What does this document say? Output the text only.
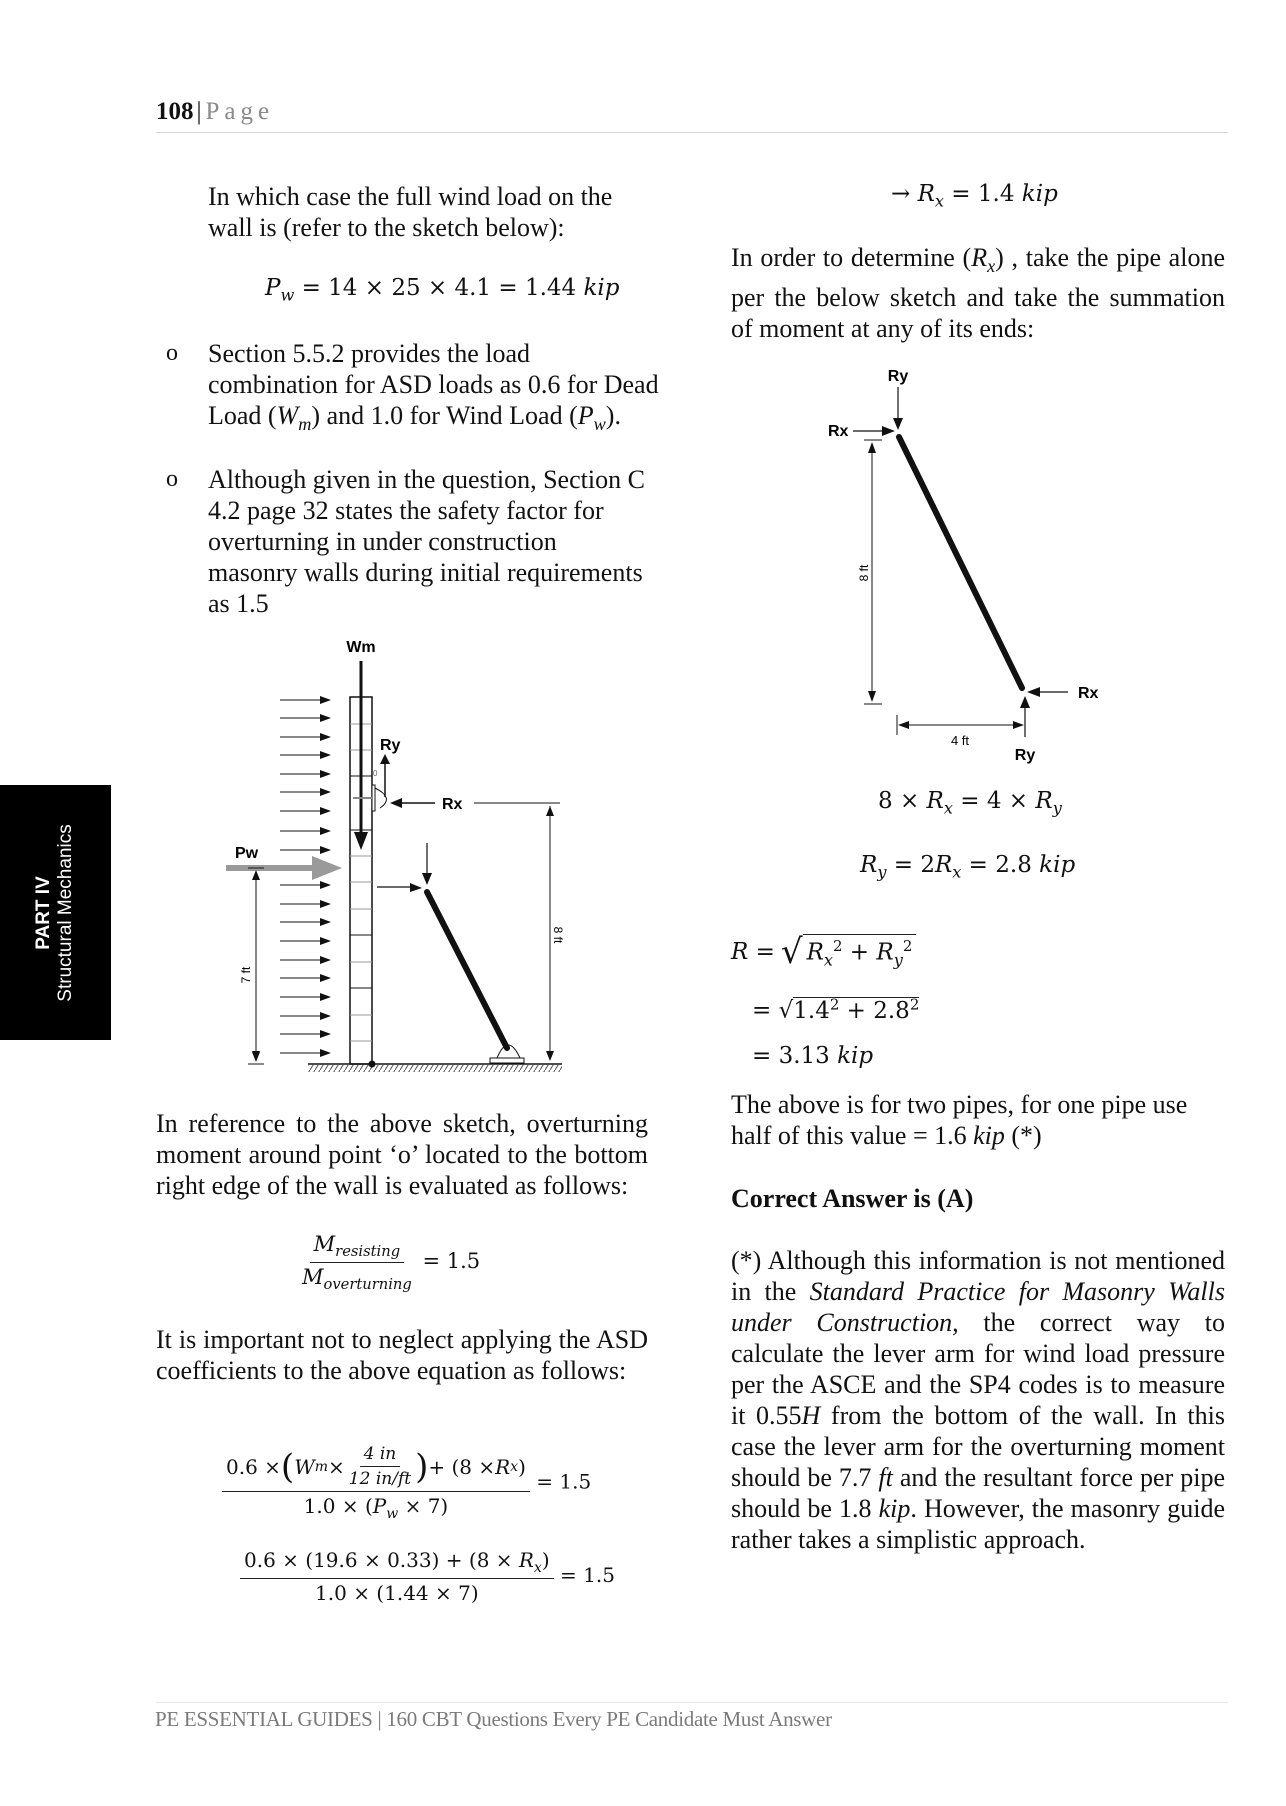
108 | Page
PART IV Structural Mechanics
In which case the full wind load on the wall is (refer to the sketch below):
$P_w = 14 \times 25 \times 4.1 = 1.44$ kip
o Section 5.5.2 provides the load combination for ASD loads as 0.6 for Dead Load $(W_m)$ and 1.0 for Wind Load $(P_w)$.
o Although given in the question, Section C 4.2 page 32 states the safety factor for overturning in under construction masonry walls during initial requirements as 1.5
Wm
Pw
7 ft
Ry
0
Rx
8 ft
In reference to the above sketch, overturning moment around point ‘o’ located to the bottom right edge of the wall is evaluated as follows:
$\frac{M_{resisting}}{M_{overturning}} = 1.5$
It is important not to neglect applying the ASD coefficients to the above equation as follows:
0.6 × ( W $m \times \frac{4 in}{12 in/ft}$ ) + (8 × R x )
$1.0 \times (P_w \times 7)$
= 1.5
$\frac{0.6 \times (19.6 \times 0.33) + (8 \times R_x)}{1.0 \times (1.44 \times 7)} = 1.5$
→ $R_x = 1.4$ kip
In order to determine $(R_x)$ , take the pipe alone per the below sketch and take the summation of moment at any of its ends:
Ry
Rx
8 ft
Rx
Ry
4 ft
$8 \times R_x = 4 \times R_y$
$R_y = 2R_x = 2.8$ kip
R = √ $R_x^2 + R_y^2$
= $√1.4^2 + 2.8^2$
= 3.13 kip
The above is for two pipes, for one pipe use half of this value = 1.6 kip (*)
Correct Answer is (A)
(*) Although this information is not mentioned in the Standard Practice for Masonry Walls under Construction, the correct way to calculate the lever arm for wind load pressure per the ASCE and the SP4 codes is to measure it 0.55H from the bottom of the wall. In this case the lever arm for the overturning moment should be 7.7 ft and the resultant force per pipe should be 1.8 kip. However, the masonry guide rather takes a simplistic approach.
PE ESSENTIAL GUIDES | 160 CBT Questions Every PE Candidate Must Answer
